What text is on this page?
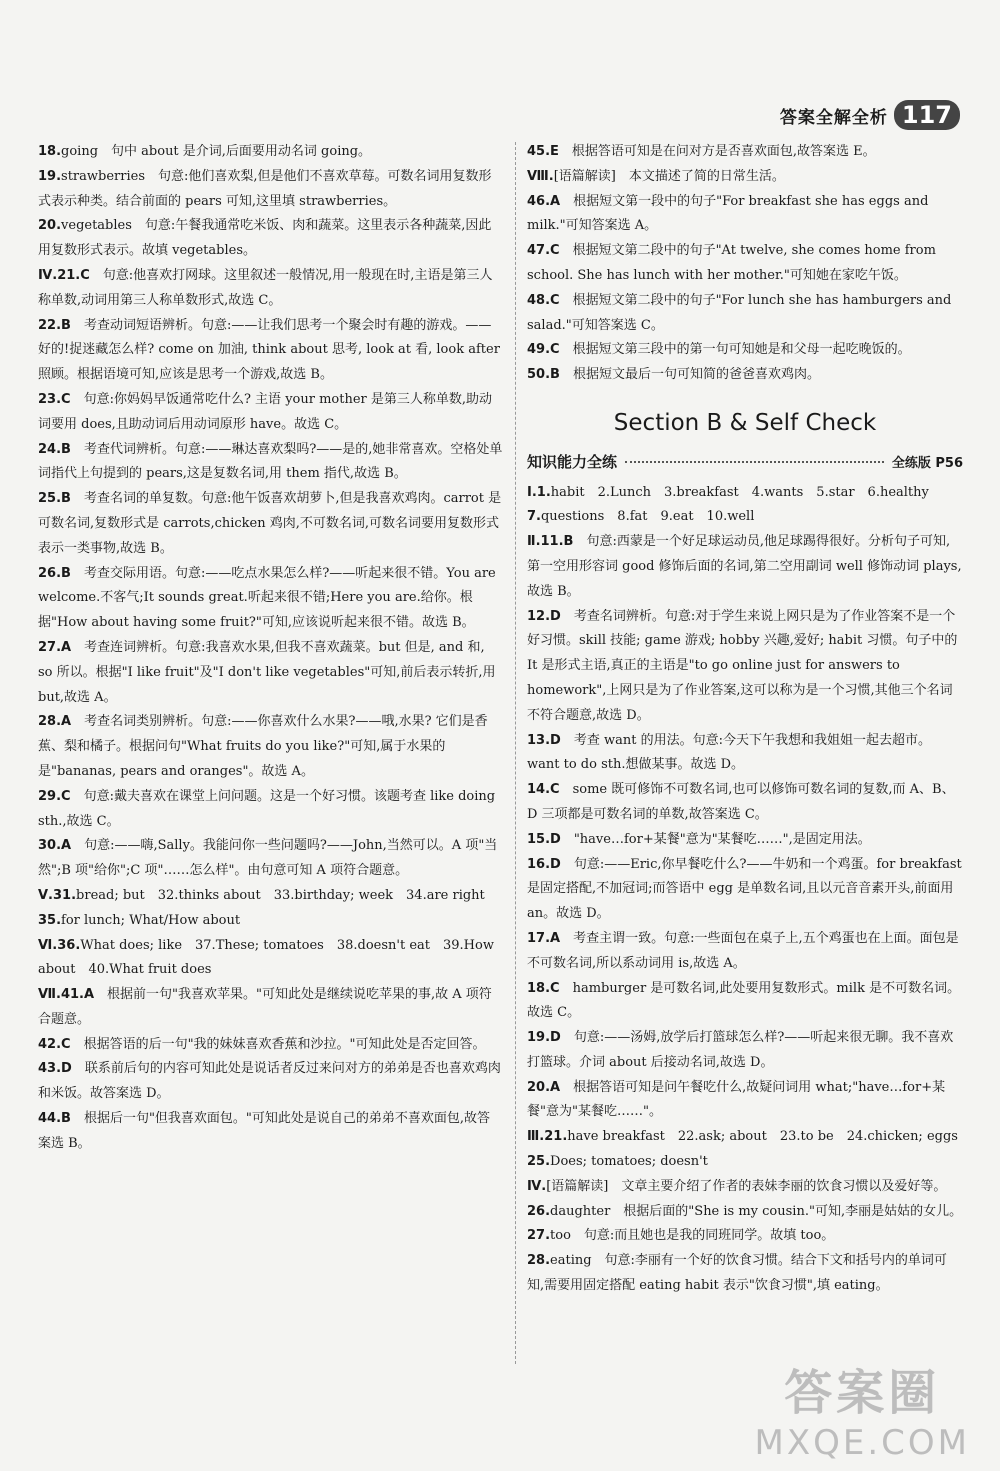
答案全解全析 117

18.going　句中 about 是介词,后面要用动名词 going。

19.strawberries　句意:他们喜欢梨,但是他们不喜欢草莓。可数名词用复数形式表示种类。结合前面的 pears 可知,这里填 strawberries。

20.vegetables　句意:午餐我通常吃米饭、肉和蔬菜。这里表示各种蔬菜,因此用复数形式表示。故填 vegetables。

Ⅳ.21.C　句意:他喜欢打网球。这里叙述一般情况,用一般现在时,主语是第三人称单数,动词用第三人称单数形式,故选 C。

22.B　考查动词短语辨析。句意:——让我们思考一个聚会时有趣的游戏。——好的!捉迷藏怎么样? come on 加油, think about 思考, look at 看, look after 照顾。根据语境可知,应该是思考一个游戏,故选 B。

23.C　句意:你妈妈早饭通常吃什么? 主语 your mother 是第三人称单数,助动词要用 does,且助动词后用动词原形 have。故选 C。

24.B　考查代词辨析。句意:——琳达喜欢梨吗?——是的,她非常喜欢。空格处单词指代上句提到的 pears,这是复数名词,用 them 指代,故选 B。

25.B　考查名词的单复数。句意:他午饭喜欢胡萝卜,但是我喜欢鸡肉。carrot 是可数名词,复数形式是 carrots,chicken 鸡肉,不可数名词,可数名词要用复数形式表示一类事物,故选 B。

26.B　考查交际用语。句意:——吃点水果怎么样?——听起来很不错。You are welcome.不客气;It sounds great.听起来很不错;Here you are.给你。根据"How about having some fruit?"可知,应该说听起来很不错。故选 B。

27.A　考查连词辨析。句意:我喜欢水果,但我不喜欢蔬菜。but 但是, and 和, so 所以。根据"I like fruit"及"I don't like vegetables"可知,前后表示转折,用 but,故选 A。

28.A　考查名词类别辨析。句意:——你喜欢什么水果?——哦,水果? 它们是香蕉、梨和橘子。根据问句"What fruits do you like?"可知,属于水果的是"bananas, pears and oranges"。故选 A。

29.C　句意:戴夫喜欢在课堂上问问题。这是一个好习惯。该题考查 like doing sth.,故选 C。

30.A　句意:——嗨,Sally。我能问你一些问题吗?——John,当然可以。A 项"当然";B 项"给你";C 项"……怎么样"。由句意可知 A 项符合题意。

Ⅴ.31.bread; but　32.thinks about　33.birthday; week　34.are right

35.for lunch; What/How about

Ⅵ.36.What does; like　37.These; tomatoes　38.doesn't eat　39.How about　40.What fruit does

Ⅶ.41.A　根据前一句"我喜欢苹果。"可知此处是继续说吃苹果的事,故 A 项符合题意。

42.C　根据答语的后一句"我的妹妹喜欢香蕉和沙拉。"可知此处是否定回答。

43.D　联系前后句的内容可知此处是说话者反过来问对方的弟弟是否也喜欢鸡肉和米饭。故答案选 D。

44.B　根据后一句"但我喜欢面包。"可知此处是说自己的弟弟不喜欢面包,故答案选 B。

45.E　根据答语可知是在问对方是否喜欢面包,故答案选 E。

Ⅷ.[语篇解读]　本文描述了简的日常生活。

46.A　根据短文第一段中的句子"For breakfast she has eggs and milk."可知答案选 A。

47.C　根据短文第二段中的句子"At twelve, she comes home from school. She has lunch with her mother."可知她在家吃午饭。

48.C　根据短文第二段中的句子"For lunch she has hamburgers and salad."可知答案选 C。

49.C　根据短文第三段中的第一句可知她是和父母一起吃晚饭的。

50.B　根据短文最后一句可知简的爸爸喜欢鸡肉。

Section B & Self Check
知识能力全练	全练版 P56

Ⅰ.1.habit　2.Lunch　3.breakfast　4.wants　5.star　6.healthy

7.questions　8.fat　9.eat　10.well

Ⅱ.11.B　句意:西蒙是一个好足球运动员,他足球踢得很好。分析句子可知,第一空用形容词 good 修饰后面的名词,第二空用副词 well 修饰动词 plays,故选 B。

12.D　考查名词辨析。句意:对于学生来说上网只是为了作业答案不是一个好习惯。skill 技能; game 游戏; hobby 兴趣,爱好; habit 习惯。句子中的 It 是形式主语,真正的主语是"to go online just for answers to homework",上网只是为了作业答案,这可以称为是一个习惯,其他三个名词不符合题意,故选 D。

13.D　考查 want 的用法。句意:今天下午我想和我姐姐一起去超市。want to do sth.想做某事。故选 D。

14.C　some 既可修饰不可数名词,也可以修饰可数名词的复数,而 A、B、D 三项都是可数名词的单数,故答案选 C。

15.D　"have…for+某餐"意为"某餐吃……",是固定用法。

16.D　句意:——Eric,你早餐吃什么?——牛奶和一个鸡蛋。for breakfast 是固定搭配,不加冠词;而答语中 egg 是单数名词,且以元音音素开头,前面用 an。故选 D。

17.A　考查主谓一致。句意:一些面包在桌子上,五个鸡蛋也在上面。面包是不可数名词,所以系动词用 is,故选 A。

18.C　hamburger 是可数名词,此处要用复数形式。milk 是不可数名词。故选 C。

19.D　句意:——汤姆,放学后打篮球怎么样?——听起来很无聊。我不喜欢打篮球。介词 about 后接动名词,故选 D。

20.A　根据答语可知是问午餐吃什么,故疑问词用 what;"have…for+某餐"意为"某餐吃……"。

Ⅲ.21.have breakfast　22.ask; about　23.to be　24.chicken; eggs

25.Does; tomatoes; doesn't

Ⅳ.[语篇解读]　文章主要介绍了作者的表妹李丽的饮食习惯以及爱好等。

26.daughter　根据后面的"She is my cousin."可知,李丽是姑姑的女儿。

27.too　句意:而且她也是我的同班同学。故填 too。

28.eating　句意:李丽有一个好的饮食习惯。结合下文和括号内的单词可知,需要用固定搭配 eating habit 表示"饮食习惯",填 eating。

答案圈
MXQE.COM
